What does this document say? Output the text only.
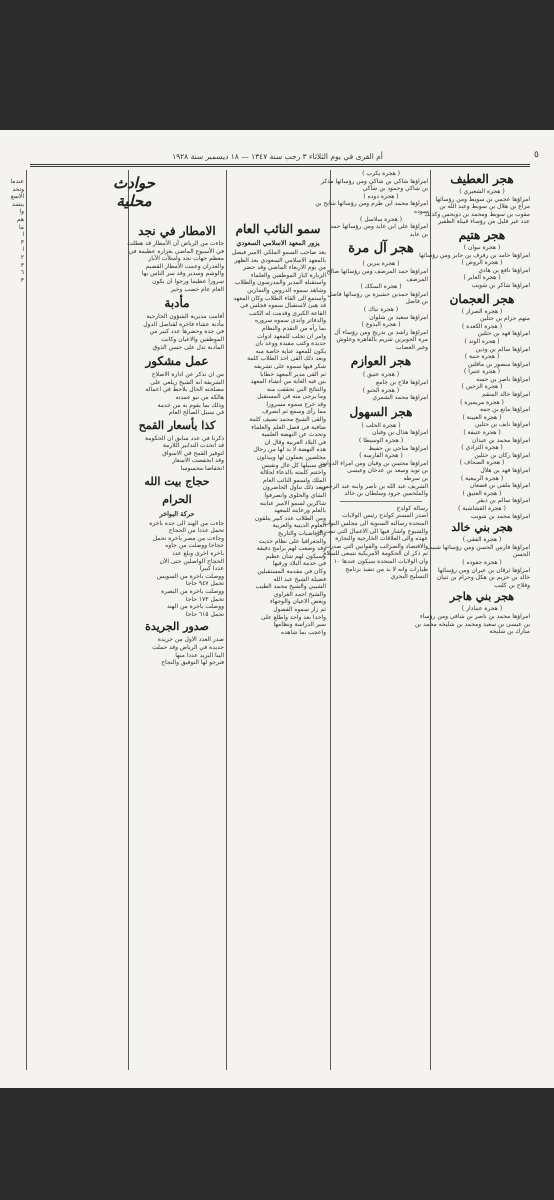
٥
أم القرى في يوم الثلاثاء ٣ رجب سنة ١٣٤٧ — ١٨ ديسمبر سنة ١٩٢٨
حوادث محلية
هجر العطيف
( هجرة الشعيري )
امراؤها عجمي بن سويط ومن رؤسائها
مزاع بن هلال بن سويط وعبد الله بن
مقوب بن سويط ومحمد بن دويحس وكذلك
عدد غير قليل من رؤساء قبيلة الظفير
هجر هتيم
( هجرة نبوان )
امراؤها حامد بن رفرف بن جابر ومن رؤسائها
( هجرة الروض )
امراؤها نافع بن هادي
( هجرة العاير )
امراؤها شاكر بن شويب
هجر العجمان
( هجرة الصرار )
منهم حزام بن حثلين
( هجرة الكعدة )
امراؤها فهد بن حثلين
( هجرة الوتد )
امراؤها سالم بن وذين
( هجرة حنية )
امراؤها منصور بن ماقلين
( هجرة عنبرا )
امراؤها ناصر بن حسه
( هجرة الزخين )
امراؤها خالد المنقم
( هجرة مريميرة )
امراؤها مانع بن جمه
( هجرة العيينة )
امراؤها نايف بن حثلين
( هجرة عتيقة )
امراؤها محمد بن عيدان
( هجرة الثرادي )
امراؤها ركان بن حثلين
( هجرة الصحاف )
امراؤها فهد بن هلال
( هجرة الربيعية )
امراؤها ملفي بن قضعان
( هجرة العنيق )
امراؤها سالم بن ذيقر
( هجرة القشاشية )
امراؤها محمد بن شويب
هجر بني خالد
( هجرة الفقي )
امراؤها فارس الحسن ومن رؤسائها شبيب
الحسن
( هجرة جفوده )
امراؤها ثرقان بن عيران ومن رؤسائها
خالد بن حزيم بن هكل وحزام بن ثنيان
وفلاح بن كليب
هجر بني هاجر
( هجرة عينادار )
امراؤها محمد بن ناصر بن شافي ومن رؤساء
بن عيسى بن سعيد ومحمد بن شليخه محمد بن
مبارك بن شليخه
( هجرة يكرب )
امراؤها شاكي بن شاكي ومن رؤسائها مذكر
بن شاكي وحمود بن شاكي
( هجرة دوده )
امراؤها محمد ابن طرم ومن رؤسائها شايح بن
سوده
( هجرة سلاسل )
امراؤها علي ابن عايد ومن رؤسائها حمد
بن عايد
هجر آل مرة
( هجرة يبرين )
امراؤها حمد المرضف ومن رؤسائها صالح
المرضف
( هجرة السكك )
امراؤها حمدين حشيزة بن رؤسائها فاضل
بن فاضل
( هجرة نباك )
امراؤها سعيد بن شلوان
( هجرة البدوع )
امراؤها راشد بن ندريج ومن رؤساء آل
مرة الحويرين شريم بالقاهرة وعلوش
وغير العصاب
هجر العوازم
( هجرة عتيق )
امراؤها فلاح بن جامع
( هجرة الحنو )
امراؤها محمد الشمري
هجر السهول
( هجرة الحلب )
امراؤها هذال بن وقيان
( هجرة الوسيطا )
امراؤها مناحي بن حفيظ
( هجرة الفارسة )
امراؤها محسن بن وقيان ومن امراء الدواسر
بن تويد وسعد بن عدخان وعيسى
بن سرطه
الشريف عبد الله بن ناصر وابنه عبد الرحمن
والملحمين جرود وسلطان بن خالد
رسالة كولدج
اصدر المستر كولدج رئيس الولايات
المتحدة رسالته السنوية الى مجلس النواب
والشيوخ واشار فيها الى الاعمال التي تمت في
عهده والى العلاقات الخارجية والتجارة
والاقتصاد والضرائب والقوانين التي صدرت
ثم ذكر ان الحكومة الامريكية تسعى للسلام
وان الولايات المتحدة سيكون عندها ١٠
طيارات وانه لا بد من تنفيذ برنامج
التسليح البحري
سمو النائب العام
يزور المعهد الاسلامي السعودي
بعد صاحب السمو الملكي الامير فيصل
بالمعهد الاسلامي السعودي بعد الظهر
من يوم الاربعاء الماضي وقد حضر
الزيارة كبار الموظفين والعلماء
واستقبله المدير والمدرسون والطلاب
وشاهد سموه الدروس والتمارين
واستمع الى القاء الطلاب وكان المعهد
قد هيئ لاستقبال سموه فجلس في
القاعة الكبرى وقدمت له الكتب
والدفاتر وابدى سموه سروره
بما رآه من التقدم والنظام
وامر ان تجلب للمعهد ادوات
جديدة وكتب مفيدة ووعد بان
يكون للمعهد عناية خاصة منه
وبعد ذلك القى احد الطلاب كلمة
شكر فيها سموه على تشريفه
ثم القى مدير المعهد خطابا
بين فيه الغاية من انشاء المعهد
والنتائج التي تحققت منه
وما يرجى منه في المستقبل
وقد خرج سموه مسرورا
مما رأى وسمع ثم انصرف
والقى الشيخ محمد نصيف كلمة
ضافية في فضل العلم والعلماء
وتحدث عن النهضة العلمية
في البلاد العربية وقال ان
هذه النهضة لا بد لها من رجال
مخلصين يعملون لها ويبذلون
في سبيلها كل غال ونفيس
واختتم كلمته بالدعاء لجلالة
الملك ولسمو النائب العام
وبعد ذلك تناول الحاضرون
الشاي والحلوى وانصرفوا
شاكرين لسمو الامير عنايته
بالعلم ورعايته للمعهد
ومن الطلاب عدد كبير يتلقون
العلوم الدينية والعربية
والرياضيات والتاريخ
والجغرافيا على نظام حديث
وقد وضعت لهم برامج دقيقة
وسيكون لهم شأن عظيم
في خدمة البلاد ورقيها
وكان في مقدمة المستقبلين
فضيلة الشيخ عبد الله
الشيبي والشيخ محمد الطيب
والشيخ احمد الغزاوي
وبعض الاعيان والوجهاء
ثم زار سموه الفصول
واحدا بعد واحد واطلع على
سير الدراسة ونظامها
واعجب بما شاهده
الامطار في نجد
جاءت من الرياض أن الأمطار قد هطلت
في الأسبوع الماضي بغزارة عظيمة في
معظم جهات نجد وامتلأت الآبار
والغدران وعمت الأمطار القصيم
والوشم وسدير وقد سر الناس بها
سرورا عظيما ورجوا ان يكون
العام عام خصب وخير
مأدبة
أقامت مديرية الشؤون الخارجية
مأدبة عشاء فاخرة لقناصل الدول
في جدة وحضرها عدد كبير من
الموظفين والاعيان وكانت
المأدبة تدل على حسن الذوق
عمل مشكور
من ان نذكر عن ادارة الاصلاح
الشريفة انه الشيخ زيلعي على
مصلحته الحال بلاحظ في اعماله
هالكه من نيو عمدته
وذلك بما يقوم به من خدمة
في سبيل الصالح العام
كذا بأسعار القمح
ذكرنا في عدد سابق ان الحكومة
قد اتخذت التدابير اللازمة
لتوفير القمح في الاسواق
وقد انخفضت الاسعار
انخفاضا محسوسا
حجاج بيت الله الحرام
حركة البواخر
جاءت من الهند الى جدة باخرة
تحمل عددا من الحجاج
وجاءت من مصر باخرة تحمل
حجاجا ووصلت من جاوه
باخرة اخرى وبلغ عدد
الحجاج الواصلين حتى الآن
عددا كبيرا
ووصلت باخرة من السويس
تحمل ٩٤٧ حاجا
ووصلت باخرة من البصرة
تحمل ١٧٣ حاجا
ووصلت باخرة من الهند
تحمل ٦١٥ حاجا
صدور الجريدة
صدر العدد الاول من جريدة
جديدة في الرياض وقد حملت
الينا البريد عددا منها
فنرجو لها التوفيق والنجاح
عندما
وتحد
الاسع
يتشد
وا
هم
ما
ا
٣
ا
٢
٣
٦
٣
